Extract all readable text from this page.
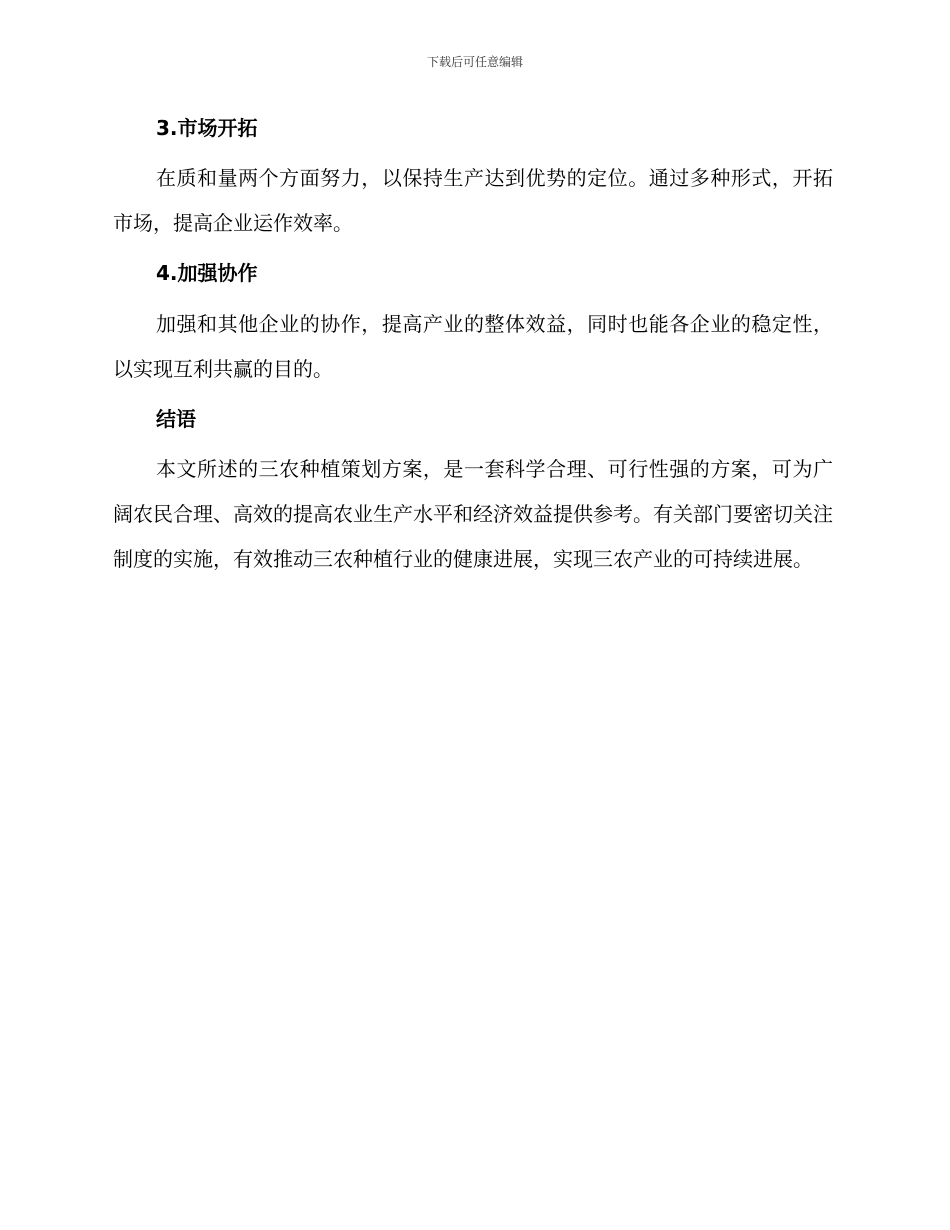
下载后可任意编辑
3.市场开拓

在质和量两个方面努力，以保持生产达到优势的定位。通过多种形式，开拓市场，提高企业运作效率。

4.加强协作

加强和其他企业的协作，提高产业的整体效益，同时也能各企业的稳定性，以实现互利共赢的目的。

结语

本文所述的三农种植策划方案，是一套科学合理、可行性强的方案，可为广阔农民合理、高效的提高农业生产水平和经济效益提供参考。有关部门要密切关注制度的实施，有效推动三农种植行业的健康进展，实现三农产业的可持续进展。
